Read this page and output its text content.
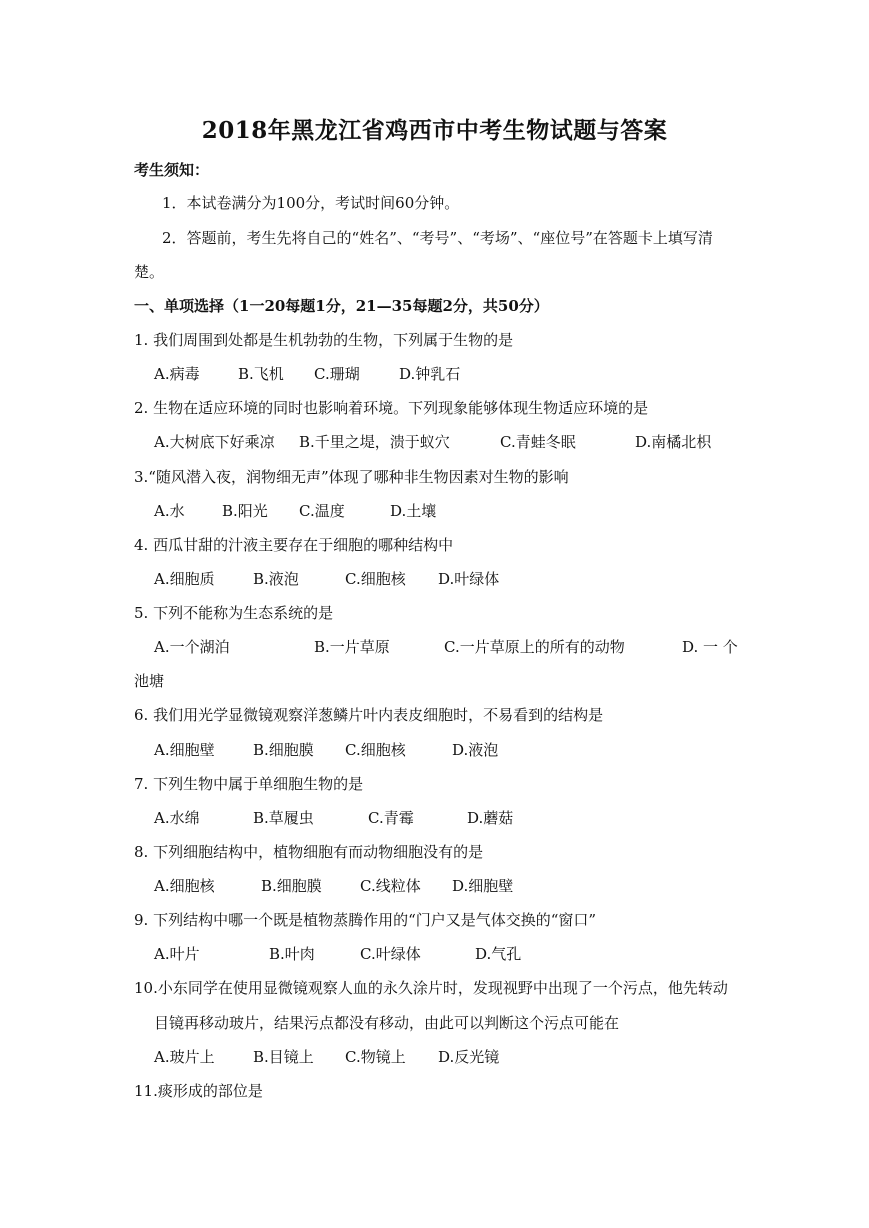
2018年黑龙江省鸡西市中考生物试题与答案
考生须知：
1．本试卷满分为100分，考试时间60分钟。
2．答题前，考生先将自己的“姓名”、“考号”、“考场”、“座位号”在答题卡上填写清
楚。
一、单项选择（1一20每题1分，21—35每题2分，共50分）
1. 我们周围到处都是生机勃勃的生物，下列属于生物的是
A.病毒	B.飞机 C.珊瑚	D.钟乳石
2. 生物在适应环境的同时也影响着环境。下列现象能够体现生物适应环境的是
A.大树底下好乘凉 B.千里之堤，溃于蚁穴	C.青蛙冬眠	D.南橘北枳
3.“随风潜入夜，润物细无声”体现了哪种非生物因素对生物的影响
A.水 B.阳光 C.温度	D.土壤
4. 西瓜甘甜的汁液主要存在于细胞的哪种结构中
A.细胞质	B.液泡	C.细胞核 D.叶绿体
5. 下列不能称为生态系统的是
A.一个湖泊	B.一片草原	C.一片草原上的所有的动物	D. 一 个
池塘
6. 我们用光学显微镜观察洋葱鳞片叶内表皮细胞时，不易看到的结构是
A.细胞壁	B.细胞膜 C.细胞核	D.液泡
7. 下列生物中属于单细胞生物的是
A.水绵	B.草履虫	C.青霉	D.蘑菇
8. 下列细胞结构中，植物细胞有而动物细胞没有的是
A.细胞核	B.细胞膜	C.线粒体 D.细胞壁
9. 下列结构中哪一个既是植物蒸腾作用的“门户又是气体交换的“窗口”
A.叶片	B.叶肉	C.叶绿体	D.气孔
10.小东同学在使用显微镜观察人血的永久涂片时，发现视野中出现了一个污点，他先转动
目镜再移动玻片，结果污点都没有移动，由此可以判断这个污点可能在
A.玻片上	B.目镜上 C.物镜上 D.反光镜
11.痰形成的部位是
